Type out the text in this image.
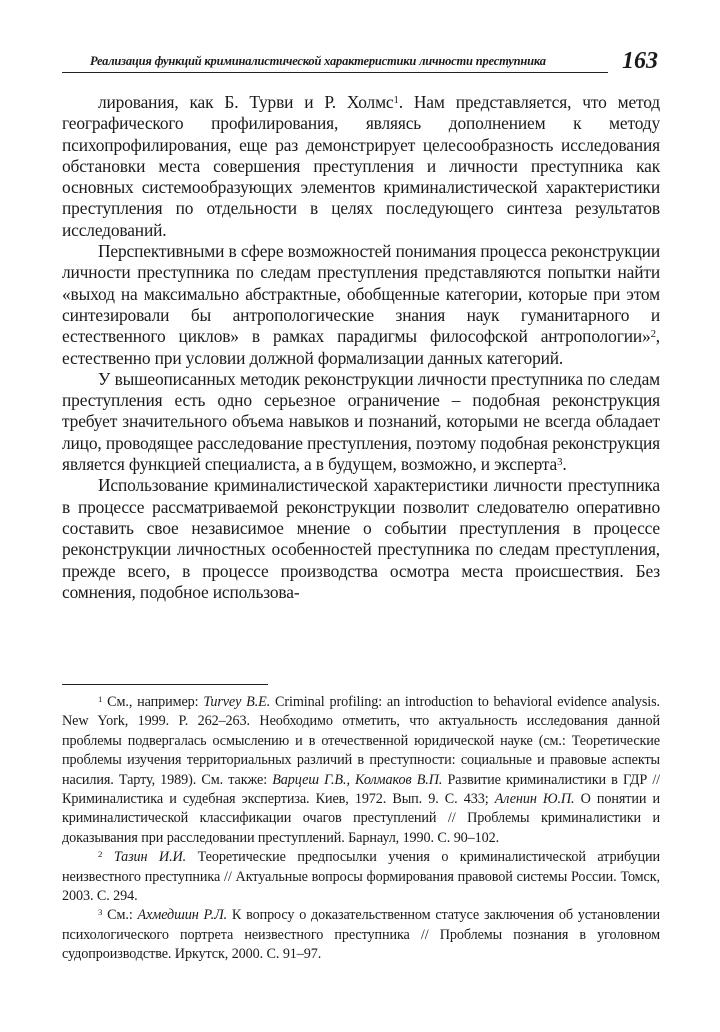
Реализация функций криминалистической характеристики личности преступника	163

лирования, как Б. Турви и Р. Холмс$^1$. Нам представляется, что метод географического профилирования, являясь дополнением к методу психопрофилирования, еще раз демонстрирует целесообразность исследования обстановки места совершения преступления и личности преступника как основных системообразующих элементов криминалистической характеристики преступления по отдельности в целях последующего синтеза результатов исследований.

Перспективными в сфере возможностей понимания процесса реконструкции личности преступника по следам преступления представляются попытки найти «выход на максимально абстрактные, обобщенные категории, которые при этом синтезировали бы антропологические знания наук гуманитарного и естественного циклов» в рамках парадигмы философской антропологии»$^2$, естественно при условии должной формализации данных категорий.

У вышеописанных методик реконструкции личности преступника по следам преступления есть одно серьезное ограничение – подобная реконструкция требует значительного объема навыков и познаний, которыми не всегда обладает лицо, проводящее расследование преступления, поэтому подобная реконструкция является функцией специалиста, а в будущем, возможно, и эксперта$^3$.

Использование криминалистической характеристики личности преступника в процессе рассматриваемой реконструкции позволит следователю оперативно составить свое независимое мнение о событии преступления в процессе реконструкции личностных особенностей преступника по следам преступления, прежде всего, в процессе производства осмотра места происшествия. Без сомнения, подобное использова-

$^1$ См., например: Turvey B.E. Criminal profiling: an introduction to behavioral evidence analysis. New York, 1999. P. 262–263. Необходимо отметить, что актуальность исследования данной проблемы подвергалась осмыслению и в отечественной юридической науке (см.: Теоретические проблемы изучения территориальных различий в преступности: социальные и правовые аспекты насилия. Тарту, 1989). См. также: Варцеш Г.В., Колмаков В.П. Развитие криминалистики в ГДР // Криминалистика и судебная экспертиза. Киев, 1972. Вып. 9. С. 433; Аленин Ю.П. О понятии и криминалистической классификации очагов преступлений // Проблемы криминалистики и доказывания при расследовании преступлений. Барнаул, 1990. С. 90–102.

$^2$ Тазин И.И. Теоретические предпосылки учения о криминалистической атрибуции неизвестного преступника // Актуальные вопросы формирования правовой системы России. Томск, 2003. С. 294.

$^3$ См.: Ахмедшин Р.Л. К вопросу о доказательственном статусе заключения об установлении психологического портрета неизвестного преступника // Проблемы познания в уголовном судопроизводстве. Иркутск, 2000. С. 91–97.
